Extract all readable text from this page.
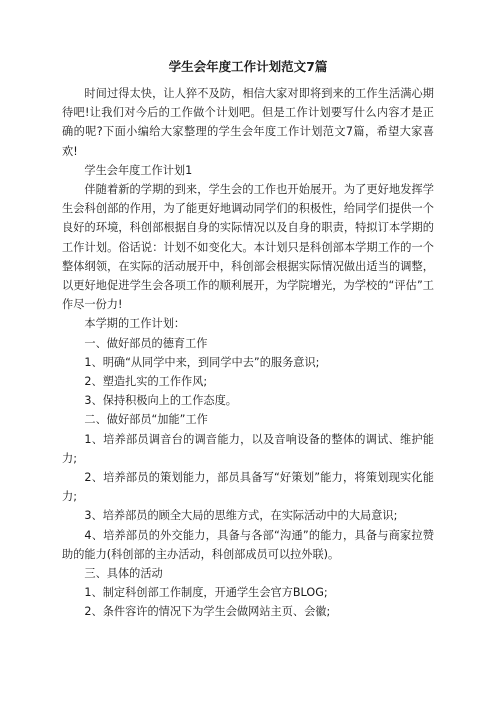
学生会年度工作计划范文7篇

时间过得太快，让人猝不及防，相信大家对即将到来的工作生活满心期待吧!让我们对今后的工作做个计划吧。但是工作计划要写什么内容才是正确的呢?下面小编给大家整理的学生会年度工作计划范文7篇，希望大家喜欢!

学生会年度工作计划1

伴随着新的学期的到来，学生会的工作也开始展开。为了更好地发挥学生会科创部的作用，为了能更好地调动同学们的积极性，给同学们提供一个良好的环境，科创部根据自身的实际情况以及自身的职责，特拟订本学期的工作计划。俗话说：计划不如变化大。本计划只是科创部本学期工作的一个整体纲领，在实际的活动展开中，科创部会根据实际情况做出适当的调整，以更好地促进学生会各项工作的顺利展开，为学院增光，为学校的“评估”工作尽一份力!

本学期的工作计划：

一、做好部员的德育工作

1、明确“从同学中来，到同学中去”的服务意识;

2、塑造扎实的工作作风;

3、保持积极向上的工作态度。

二、做好部员“加能”工作

1、培养部员调音台的调音能力，以及音响设备的整体的调试、维护能力;

2、培养部员的策划能力，部员具备写“好策划”能力，将策划现实化能力;

3、培养部员的顾全大局的思维方式，在实际活动中的大局意识;

4、培养部员的外交能力，具备与各部“沟通”的能力，具备与商家拉赞助的能力(科创部的主办活动，科创部成员可以拉外联)。

三、具体的活动

1、制定科创部工作制度，开通学生会官方BLOG;

2、条件容许的情况下为学生会做网站主页、会徽;
